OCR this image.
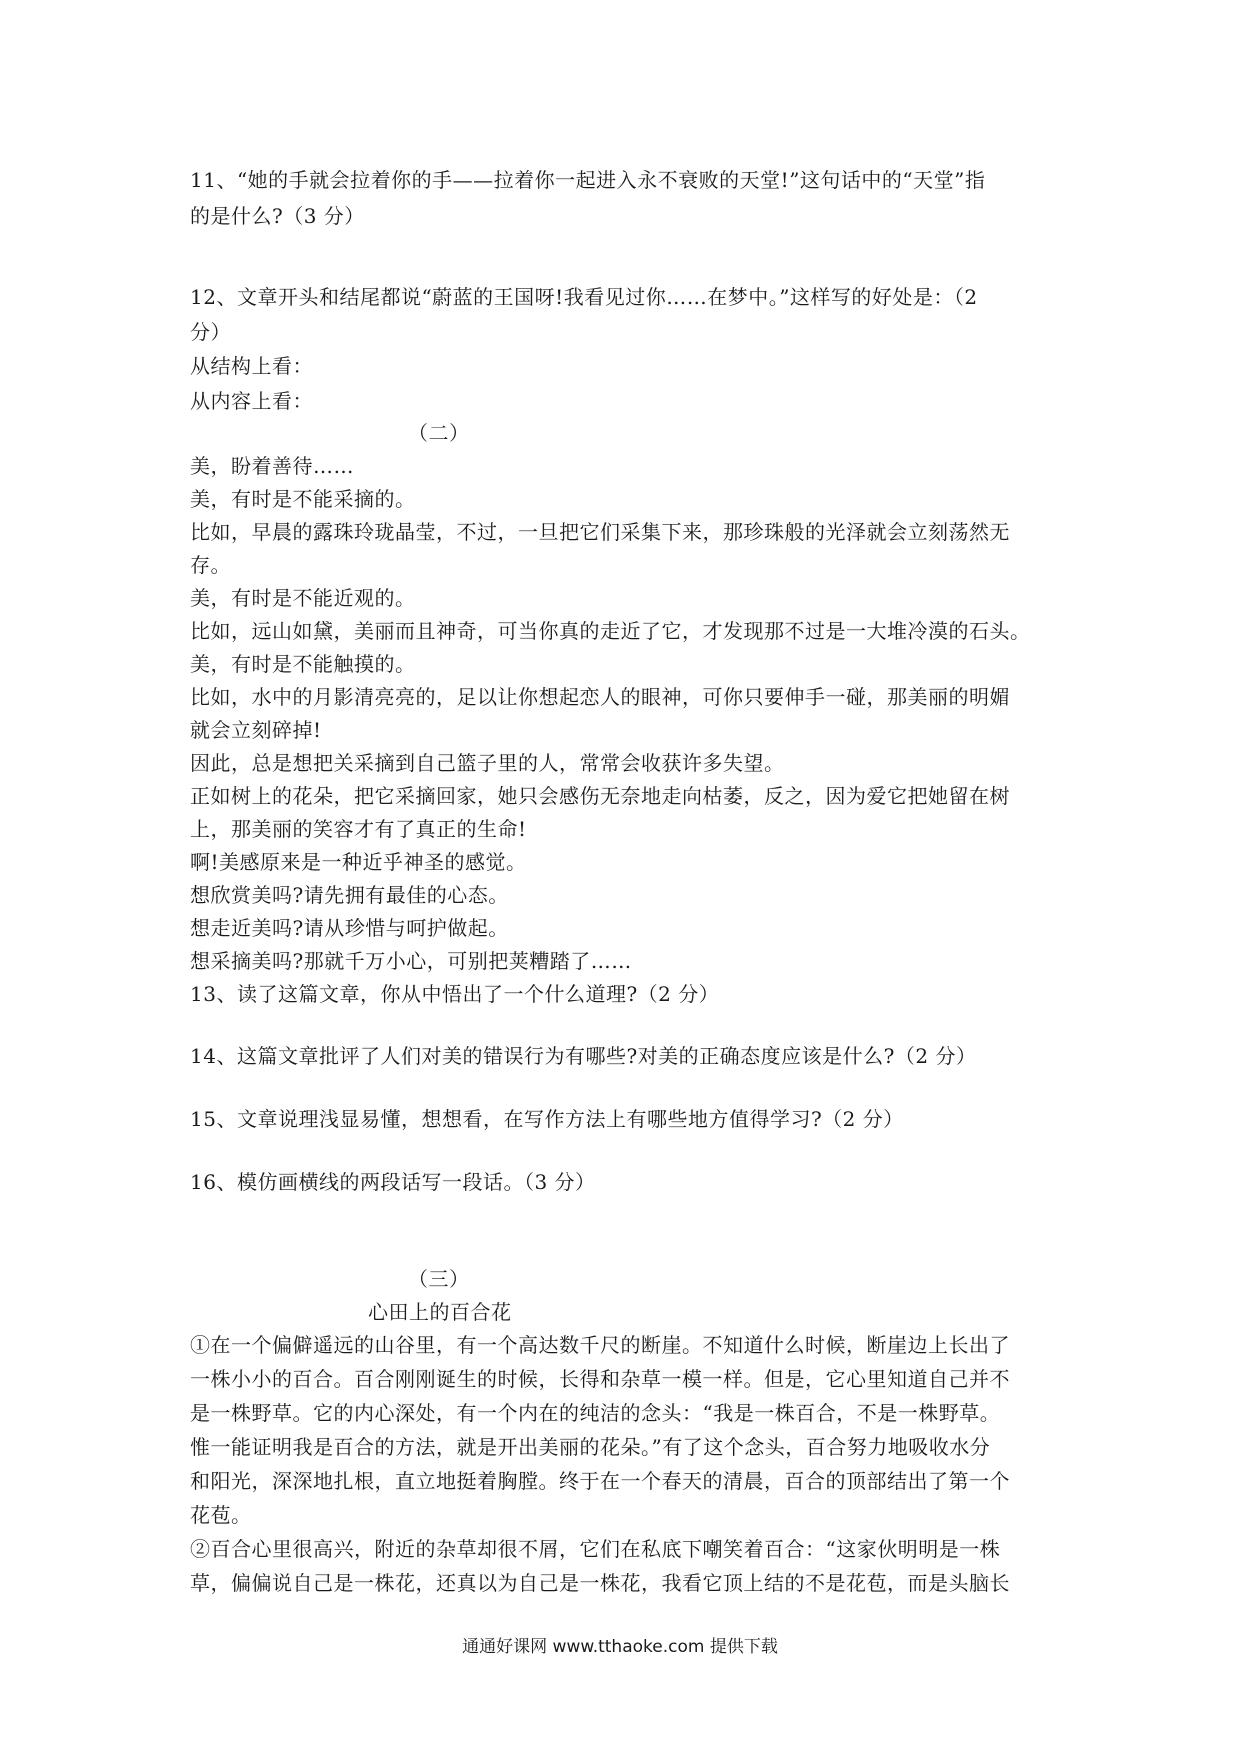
11、“她的手就会拉着你的手——拉着你一起进入永不衰败的天堂!”这句话中的“天堂”指
的是什么?（3 分）
12、文章开头和结尾都说“蔚蓝的王国呀!我看见过你……在梦中。”这样写的好处是：（2
分）
从结构上看：
从内容上看：
（二）
美，盼着善待……
美，有时是不能采摘的。
比如，早晨的露珠玲珑晶莹，不过，一旦把它们采集下来，那珍珠般的光泽就会立刻荡然无
存。
美，有时是不能近观的。
比如，远山如黛，美丽而且神奇，可当你真的走近了它，才发现那不过是一大堆冷漠的石头。
美，有时是不能触摸的。
比如，水中的月影清亮亮的，足以让你想起恋人的眼神，可你只要伸手一碰，那美丽的明媚
就会立刻碎掉!
因此，总是想把关采摘到自己篮子里的人，常常会收获许多失望。
正如树上的花朵，把它采摘回家，她只会感伤无奈地走向枯萎，反之，因为爱它把她留在树
上，那美丽的笑容才有了真正的生命!
啊!美感原来是一种近乎神圣的感觉。
想欣赏美吗?请先拥有最佳的心态。
想走近美吗?请从珍惜与呵护做起。
想采摘美吗?那就千万小心，可别把荚糟踏了……
13、读了这篇文章，你从中悟出了一个什么道理?（2 分）
14、这篇文章批评了人们对美的错误行为有哪些?对美的正确态度应该是什么?（2 分）
15、文章说理浅显易懂，想想看，在写作方法上有哪些地方值得学习?（2 分）
16、模仿画横线的两段话写一段话。（3 分）
（三）
心田上的百合花
①在一个偏僻遥远的山谷里，有一个高达数千尺的断崖。不知道什么时候，断崖边上长出了
一株小小的百合。百合刚刚诞生的时候，长得和杂草一模一样。但是，它心里知道自己并不
是一株野草。它的内心深处，有一个内在的纯洁的念头：“我是一株百合，不是一株野草。
惟一能证明我是百合的方法，就是开出美丽的花朵。”有了这个念头，百合努力地吸收水分
和阳光，深深地扎根，直立地挺着胸膛。终于在一个春天的清晨，百合的顶部结出了第一个
花苞。
②百合心里很高兴，附近的杂草却很不屑，它们在私底下嘲笑着百合：“这家伙明明是一株
草，偏偏说自己是一株花，还真以为自己是一株花，我看它顶上结的不是花苞，而是头脑长
通通好课网 www.tthaoke.com 提供下载
